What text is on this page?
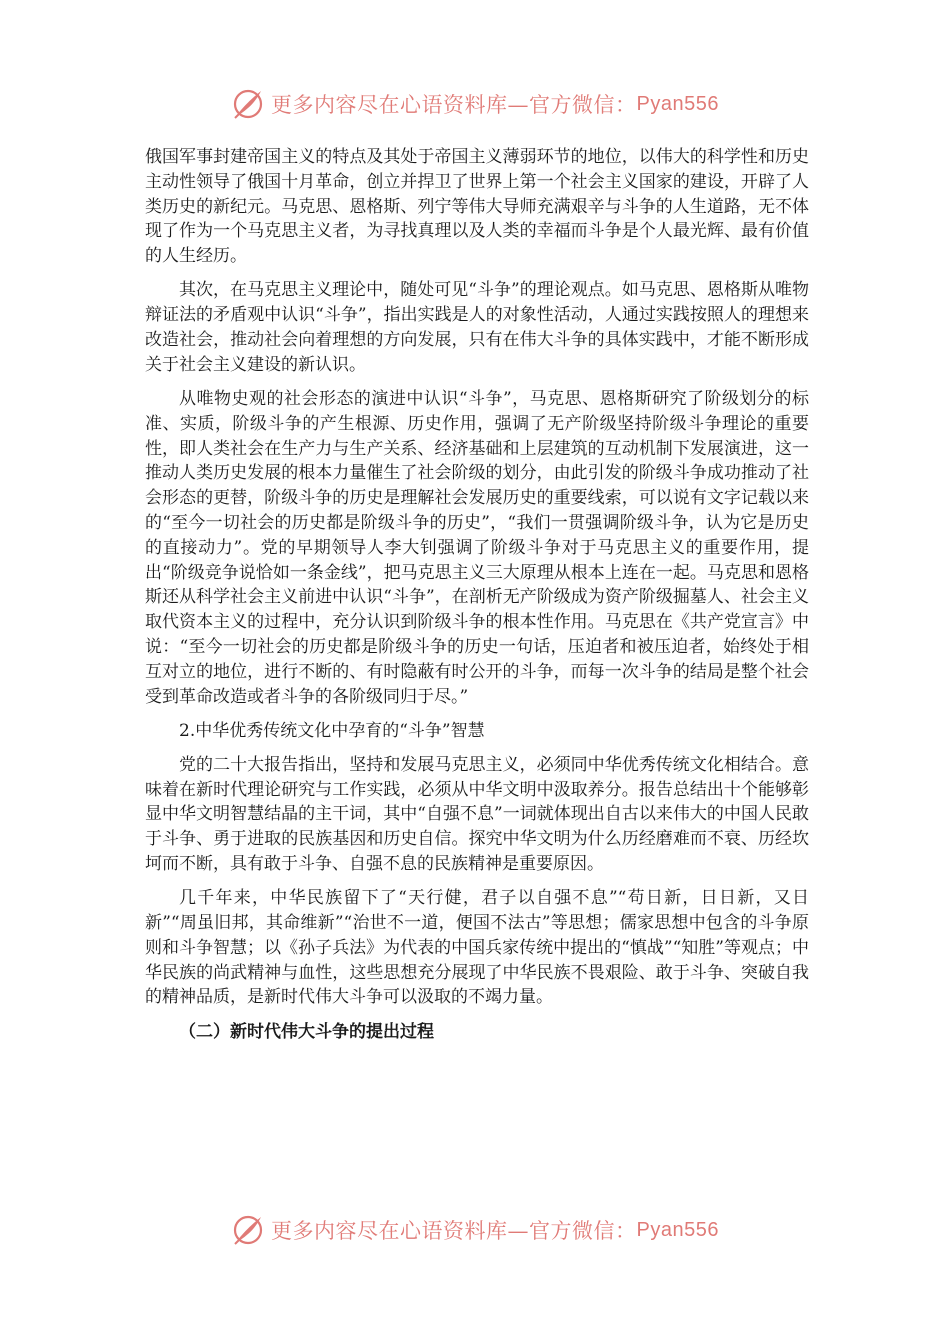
更多内容尽在心语资料库—官方微信： Pyan556

俄国军事封建帝国主义的特点及其处于帝国主义薄弱环节的地位，以伟大的科学性和历史主动性领导了俄国十月革命，创立并捍卫了世界上第一个社会主义国家的建设，开辟了人类历史的新纪元。马克思、恩格斯、列宁等伟大导师充满艰辛与斗争的人生道路，无不体现了作为一个马克思主义者，为寻找真理以及人类的幸福而斗争是个人最光辉、最有价值的人生经历。

其次，在马克思主义理论中，随处可见“斗争”的理论观点。如马克思、恩格斯从唯物辩证法的矛盾观中认识“斗争”，指出实践是人的对象性活动，人通过实践按照人的理想来改造社会，推动社会向着理想的方向发展，只有在伟大斗争的具体实践中，才能不断形成关于社会主义建设的新认识。

从唯物史观的社会形态的演进中认识“斗争”，马克思、恩格斯研究了阶级划分的标准、实质，阶级斗争的产生根源、历史作用，强调了无产阶级坚持阶级斗争理论的重要性，即人类社会在生产力与生产关系、经济基础和上层建筑的互动机制下发展演进，这一推动人类历史发展的根本力量催生了社会阶级的划分，由此引发的阶级斗争成功推动了社会形态的更替，阶级斗争的历史是理解社会发展历史的重要线索，可以说有文字记载以来的“至今一切社会的历史都是阶级斗争的历史”，“我们一贯强调阶级斗争，认为它是历史的直接动力”。党的早期领导人李大钊强调了阶级斗争对于马克思主义的重要作用，提出“阶级竞争说恰如一条金线”，把马克思主义三大原理从根本上连在一起。马克思和恩格斯还从科学社会主义前进中认识“斗争”，在剖析无产阶级成为资产阶级掘墓人、社会主义取代资本主义的过程中，充分认识到阶级斗争的根本性作用。马克思在《共产党宣言》中说：“至今一切社会的历史都是阶级斗争的历史一句话，压迫者和被压迫者，始终处于相互对立的地位，进行不断的、有时隐蔽有时公开的斗争，而每一次斗争的结局是整个社会受到革命改造或者斗争的各阶级同归于尽。”

2.中华优秀传统文化中孕育的“斗争”智慧

党的二十大报告指出，坚持和发展马克思主义，必须同中华优秀传统文化相结合。意味着在新时代理论研究与工作实践，必须从中华文明中汲取养分。报告总结出十个能够彰显中华文明智慧结晶的主干词，其中“自强不息”一词就体现出自古以来伟大的中国人民敢于斗争、勇于进取的民族基因和历史自信。探究中华文明为什么历经磨难而不衰、历经坎坷而不断，具有敢于斗争、自强不息的民族精神是重要原因。

几千年来，中华民族留下了“天行健，君子以自强不息”“苟日新，日日新，又日新”“周虽旧邦，其命维新”“治世不一道，便国不法古”等思想；儒家思想中包含的斗争原则和斗争智慧；以《孙子兵法》为代表的中国兵家传统中提出的“慎战”“知胜”等观点；中华民族的尚武精神与血性，这些思想充分展现了中华民族不畏艰险、敢于斗争、突破自我的精神品质，是新时代伟大斗争可以汲取的不竭力量。

（二）新时代伟大斗争的提出过程

更多内容尽在心语资料库—官方微信： Pyan556
